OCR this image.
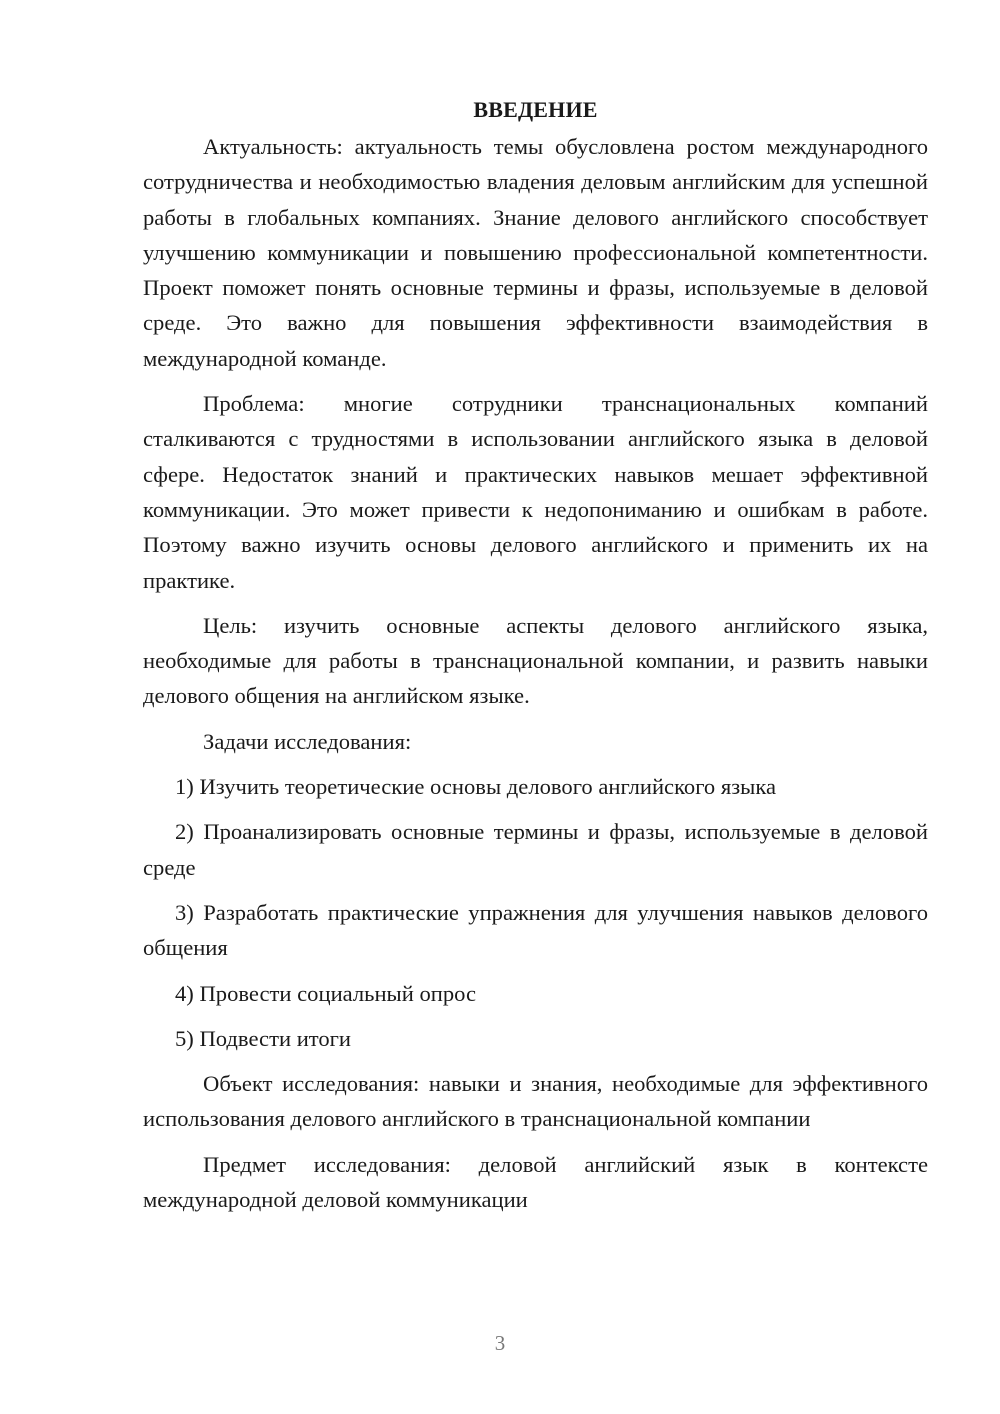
ВВЕДЕНИЕ

Актуальность: актуальность темы обусловлена ростом международного сотрудничества и необходимостью владения деловым английским для успешной работы в глобальных компаниях. Знание делового английского способствует улучшению коммуникации и повышению профессиональной компетентности. Проект поможет понять основные термины и фразы, используемые в деловой среде. Это важно для повышения эффективности взаимодействия в международной команде.

Проблема: многие сотрудники транснациональных компаний сталкиваются с трудностями в использовании английского языка в деловой сфере. Недостаток знаний и практических навыков мешает эффективной коммуникации. Это может привести к недопониманию и ошибкам в работе. Поэтому важно изучить основы делового английского и применить их на практике.

Цель: изучить основные аспекты делового английского языка, необходимые для работы в транснациональной компании, и развить навыки делового общения на английском языке.

Задачи исследования:

1) Изучить теоретические основы делового английского языка

2) Проанализировать основные термины и фразы, используемые в деловой среде

3) Разработать практические упражнения для улучшения навыков делового общения

4) Провести социальный опрос

5) Подвести итоги

Объект исследования: навыки и знания, необходимые для эффективного использования делового английского в транснациональной компании

Предмет исследования: деловой английский язык в контексте международной деловой коммуникации

3
